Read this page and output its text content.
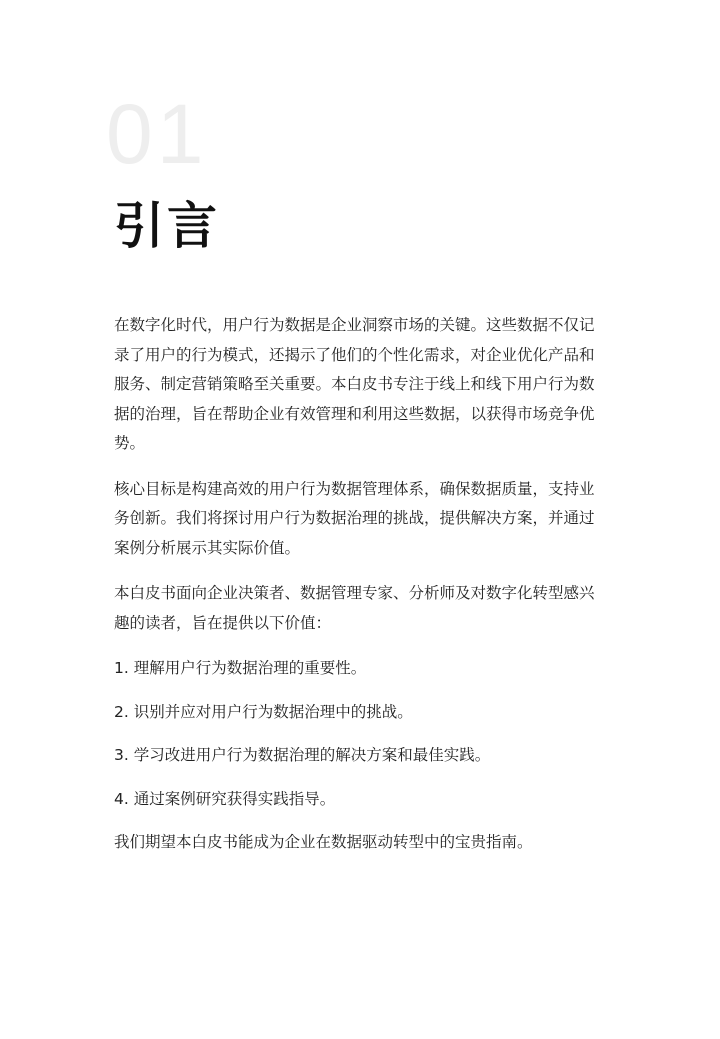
01
引言

在数字化时代，用户行为数据是企业洞察市场的关键。这些数据不仅记录了用户的行为模式，还揭示了他们的个性化需求，对企业优化产品和服务、制定营销策略至关重要。本白皮书专注于线上和线下用户行为数据的治理，旨在帮助企业有效管理和利用这些数据，以获得市场竞争优势。

核心目标是构建高效的用户行为数据管理体系，确保数据质量，支持业务创新。我们将探讨用户行为数据治理的挑战，提供解决方案，并通过案例分析展示其实际价值。

本白皮书面向企业决策者、数据管理专家、分析师及对数字化转型感兴趣的读者，旨在提供以下价值：

1. 理解用户行为数据治理的重要性。

2. 识别并应对用户行为数据治理中的挑战。

3. 学习改进用户行为数据治理的解决方案和最佳实践。

4. 通过案例研究获得实践指导。

我们期望本白皮书能成为企业在数据驱动转型中的宝贵指南。
